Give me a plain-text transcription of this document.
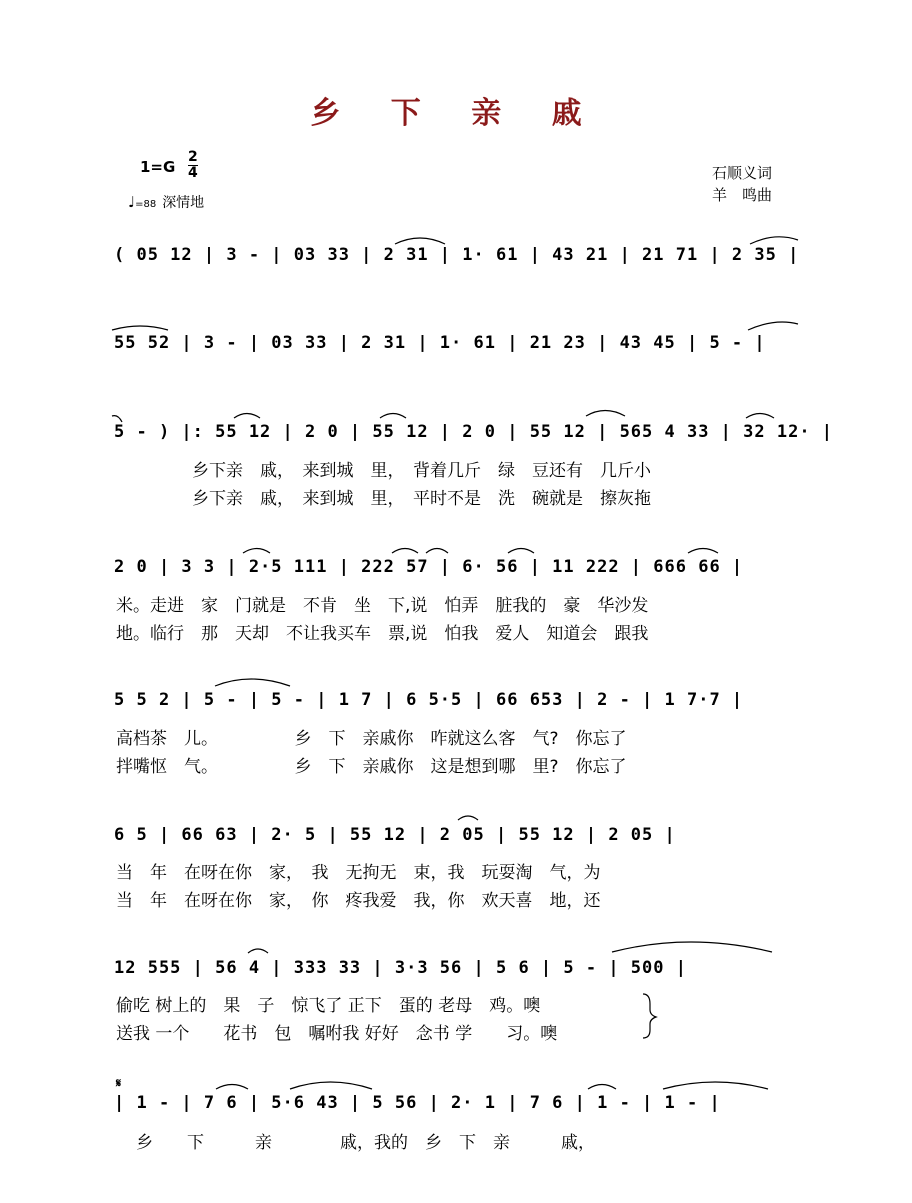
乡 下 亲 戚
1=G
2
4
♩=88 深情地
石顺义词
羊　鸣曲
( 05 12 | 3 - | 03 33 | 2 31 | 1· 61 | 43 21 | 21 71 | 2 35 |
55 52 | 3 - | 03 33 | 2 31 | 1· 61 | 21 23 | 43 45 | 5 - |
5 - ) |: 55 12 | 2 0 | 55 12 | 2 0 | 55 12 | 565 4 33 | 32 12· |
乡下亲　戚，　来到城　里，　背着几斤　绿　豆还有　几斤小
乡下亲　戚，　来到城　里，　平时不是　洗　碗就是　擦灰拖
2 0 | 3 3 | 2·5 111 | 222 57 | 6· 56 | 11 222 | 666 66 |
米。走进　家　门就是　不肯　坐　下,说　怕弄　脏我的　豪　华沙发
地。临行　那　天却　不让我买车　票,说　怕我　爱人　知道会　跟我
5 5 2 | 5 - | 5 - | 1 7 | 6 5·5 | 66 653 | 2 - | 1 7·7 |
高档茶　儿。　　　　　乡　下　亲戚你　咋就这么客　气?　你忘了
拌嘴怄　气。　　　　　乡　下　亲戚你　这是想到哪　里?　你忘了
6 5 | 66 63 | 2· 5 | 55 12 | 2 05 | 55 12 | 2 05 |
当　年　在呀在你　家，　我　无拘无　束，我　玩耍淘　气，为
当　年　在呀在你　家，　你　疼我爱　我，你　欢天喜　地，还
12 555 | 56 4 | 333 33 | 3·3 56 | 5 6 | 5 - | 500 |
偷吃 树上的　果　子　惊飞了 正下　蛋的 老母　鸡。噢
送我 一个　　花书　包　嘱咐我 好好　念书 学　　习。噢
𝄋
| 1 - | 7 6 | 5·6 43 | 5 56 | 2· 1 | 7 6 | 1 - | 1 - |
乡　　下　　　亲　　　　戚，我的　乡　下　亲　　　戚，
